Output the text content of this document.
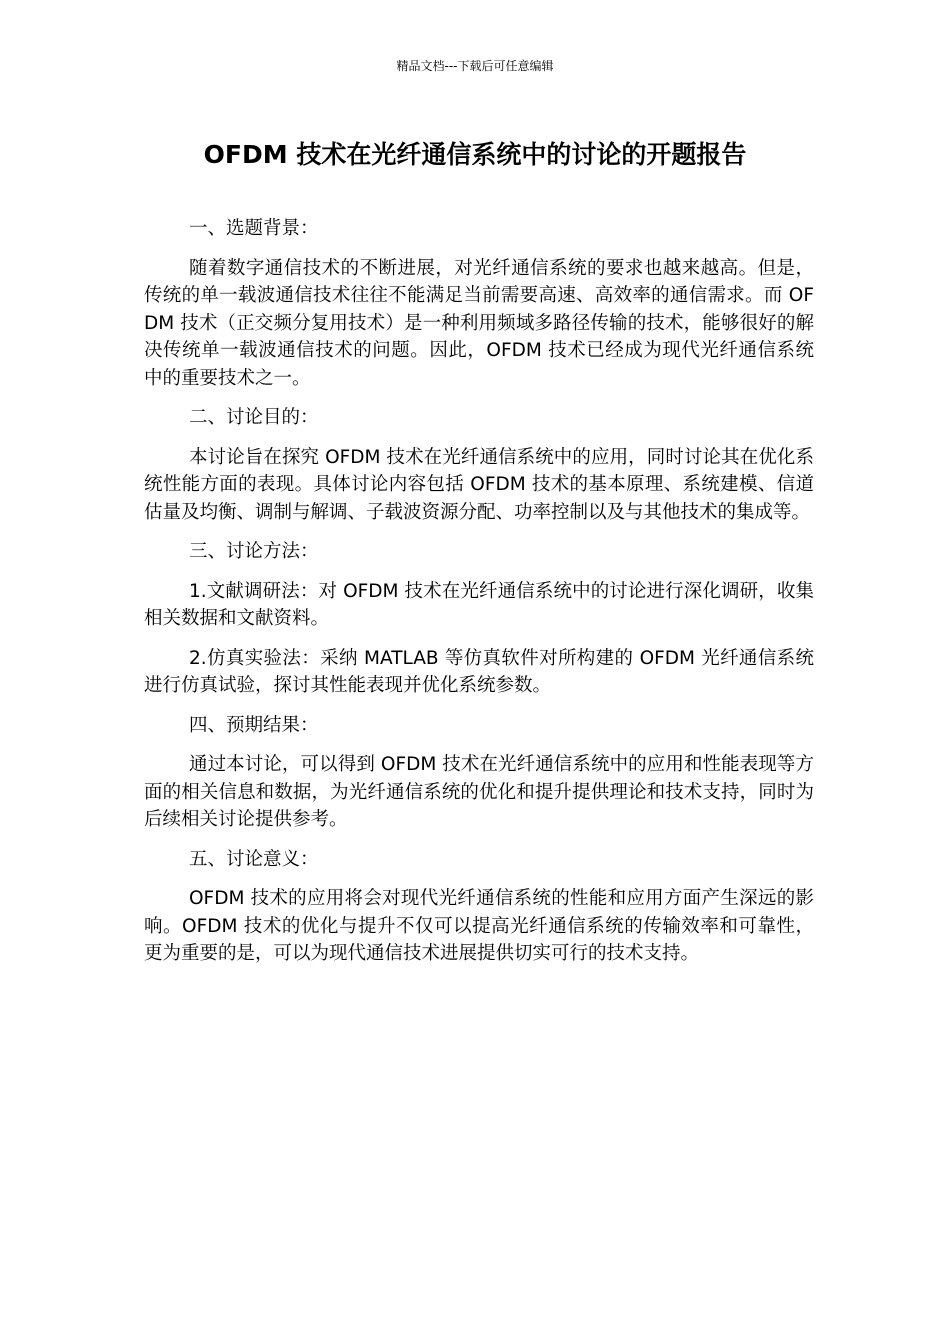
精品文档---下载后可任意编辑
OFDM 技术在光纤通信系统中的讨论的开题报告

一、选题背景：

随着数字通信技术的不断进展，对光纤通信系统的要求也越来越高。但是，传统的单一载波通信技术往往不能满足当前需要高速、高效率的通信需求。而 OFDM 技术（正交频分复用技术）是一种利用频域多路径传输的技术，能够很好的解决传统单一载波通信技术的问题。因此，OFDM 技术已经成为现代光纤通信系统中的重要技术之一。

二、讨论目的：

本讨论旨在探究 OFDM 技术在光纤通信系统中的应用，同时讨论其在优化系统性能方面的表现。具体讨论内容包括 OFDM 技术的基本原理、系统建模、信道估量及均衡、调制与解调、子载波资源分配、功率控制以及与其他技术的集成等。

三、讨论方法：

1.文献调研法：对 OFDM 技术在光纤通信系统中的讨论进行深化调研，收集相关数据和文献资料。

2.仿真实验法：采纳 MATLAB 等仿真软件对所构建的 OFDM 光纤通信系统进行仿真试验，探讨其性能表现并优化系统参数。

四、预期结果：

通过本讨论，可以得到 OFDM 技术在光纤通信系统中的应用和性能表现等方面的相关信息和数据，为光纤通信系统的优化和提升提供理论和技术支持，同时为后续相关讨论提供参考。

五、讨论意义：

OFDM 技术的应用将会对现代光纤通信系统的性能和应用方面产生深远的影响。OFDM 技术的优化与提升不仅可以提高光纤通信系统的传输效率和可靠性，更为重要的是，可以为现代通信技术进展提供切实可行的技术支持。
